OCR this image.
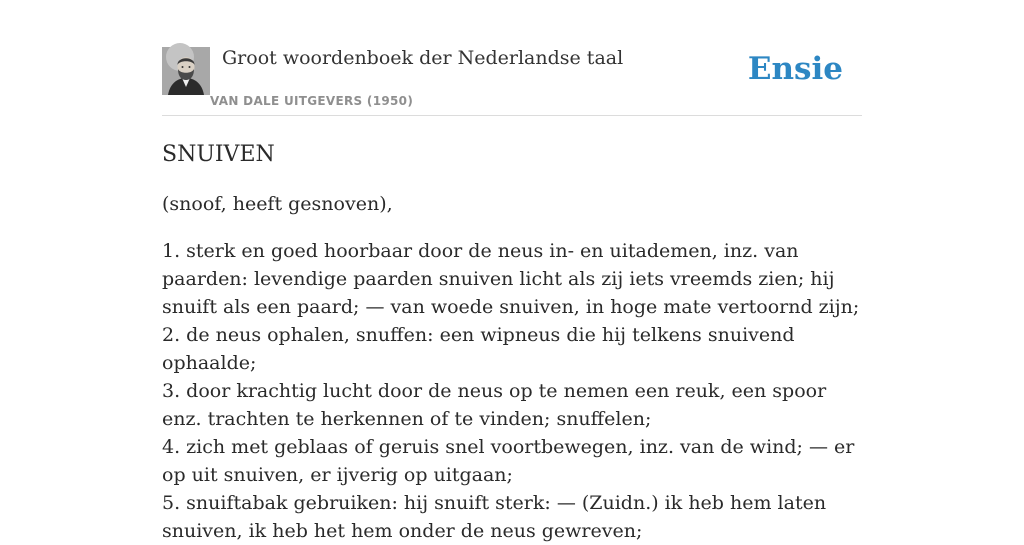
Groot woordenboek der Nederlandse taal
VAN DALE UITGEVERS (1950)
Ensie
SNUIVEN

(snoof, heeft gesnoven),

1. sterk en goed hoorbaar door de neus in- en uitademen, inz. van paarden: levendige paarden snuiven licht als zij iets vreemds zien; hij snuift als een paard; — van woede snuiven, in hoge mate vertoornd zijn;
2. de neus ophalen, snuffen: een wipneus die hij telkens snuivend ophaalde;
3. door krachtig lucht door de neus op te nemen een reuk, een spoor enz. trachten te herkennen of te vinden; snuffelen;
4. zich met geblaas of geruis snel voortbewegen, inz. van de wind; — er op uit snuiven, er ijverig op uitgaan;
5. snuiftabak gebruiken: hij snuift sterk: — (Zuidn.) ik heb hem laten snuiven, ik heb het hem onder de neus gewreven;
